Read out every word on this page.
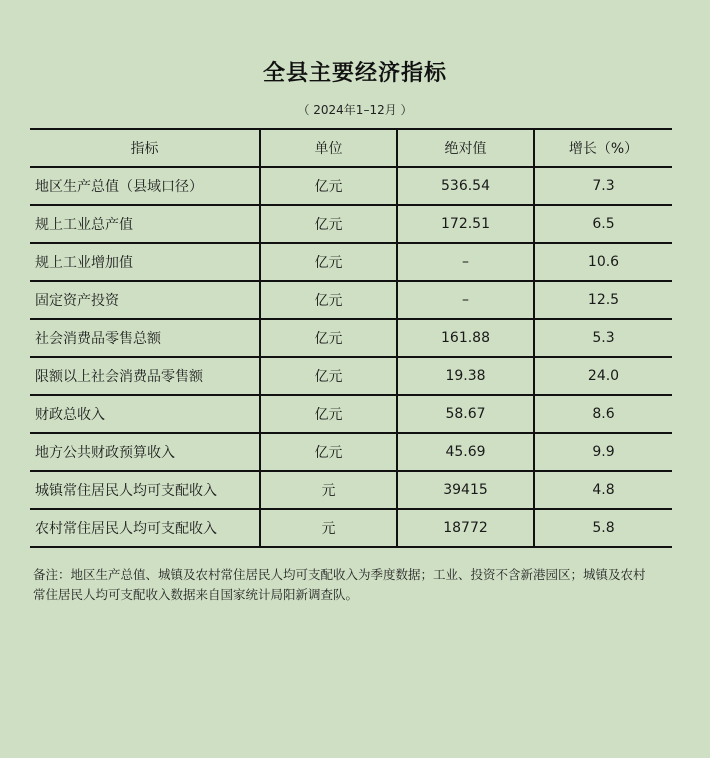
全县主要经济指标
（ 2024年1–12月 ）
指标	单位	绝对值	增长（%）
地区生产总值（县域口径）	亿元	536.54	7.3
规上工业总产值	亿元	172.51	6.5
规上工业增加值	亿元	–	10.6
固定资产投资	亿元	–	12.5
社会消费品零售总额	亿元	161.88	5.3
限额以上社会消费品零售额	亿元	19.38	24.0
财政总收入	亿元	58.67	8.6
地方公共财政预算收入	亿元	45.69	9.9
城镇常住居民人均可支配收入	元	39415	4.8
农村常住居民人均可支配收入	元	18772	5.8
备注：地区生产总值、城镇及农村常住居民人均可支配收入为季度数据；工业、投资不含新港园区；城镇及农村常住居民人均可支配收入数据来自国家统计局阳新调查队。
